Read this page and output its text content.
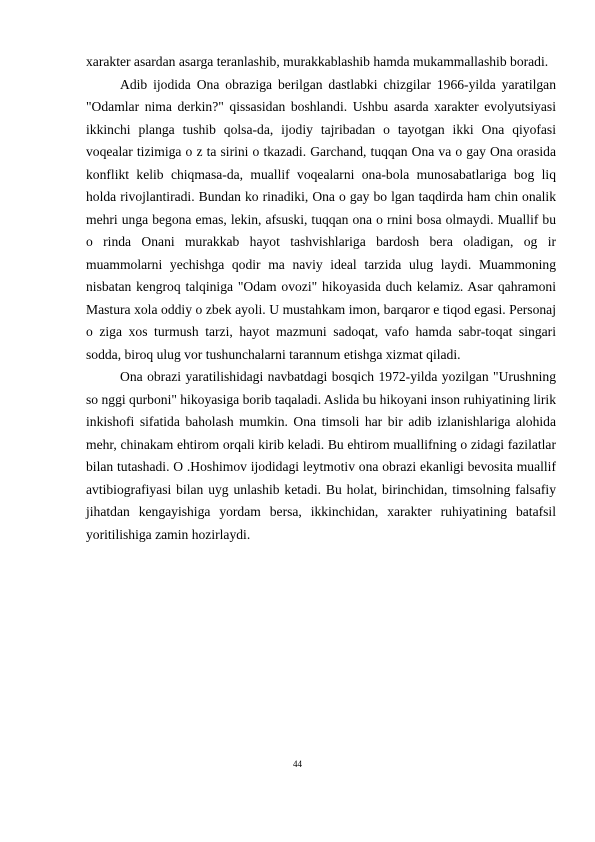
xarakter asardan asarga teranlashib, murakkablashib hamda mukammallashib boradi.

Adib ijodida Ona obraziga berilgan dastlabki chizgilar 1966-yilda yaratilgan "Odamlar nima derkin?" qissasidan boshlandi. Ushbu asarda xarakter evolyutsiyasi ikkinchi planga tushib qolsa-da, ijodiy tajribadan o tayotgan ikki Ona qiyofasi voqealar tizimiga o z ta sirini o tkazadi. Garchand, tuqqan Ona va o gay Ona orasida konflikt kelib chiqmasa-da, muallif voqealarni ona-bola munosabatlariga bog liq holda rivojlantiradi. Bundan ko rinadiki, Ona o gay bo lgan taqdirda ham chin onalik mehri unga begona emas, lekin, afsuski, tuqqan ona o rnini bosa olmaydi. Muallif bu o rinda Onani murakkab hayot tashvishlariga bardosh bera oladigan, og ir muammolarni yechishga qodir ma naviy ideal tarzida ulug laydi. Muammoning nisbatan kengroq talqiniga "Odam ovozi" hikoyasida duch kelamiz. Asar qahramoni Mastura xola oddiy o zbek ayoli. U mustahkam imon, barqaror e tiqod egasi. Personaj o ziga xos turmush tarzi, hayot mazmuni sadoqat, vafo hamda sabr-toqat singari sodda, biroq ulug vor tushunchalarni tarannum etishga xizmat qiladi.

Ona obrazi yaratilishidagi navbatdagi bosqich 1972-yilda yozilgan "Urushning so nggi qurboni" hikoyasiga borib taqaladi. Aslida bu hikoyani inson ruhiyatining lirik inkishofi sifatida baholash mumkin. Ona timsoli har bir adib izlanishlariga alohida mehr, chinakam ehtirom orqali kirib keladi. Bu ehtirom muallifning o zidagi fazilatlar bilan tutashadi. O .Hoshimov ijodidagi leytmotiv ona obrazi ekanligi bevosita muallif avtibiografiyasi bilan uyg unlashib ketadi. Bu holat, birinchidan, timsolning falsafiy jihatdan kengayishiga yordam bersa, ikkinchidan, xarakter ruhiyatining batafsil yoritilishiga zamin hozirlaydi.

44
